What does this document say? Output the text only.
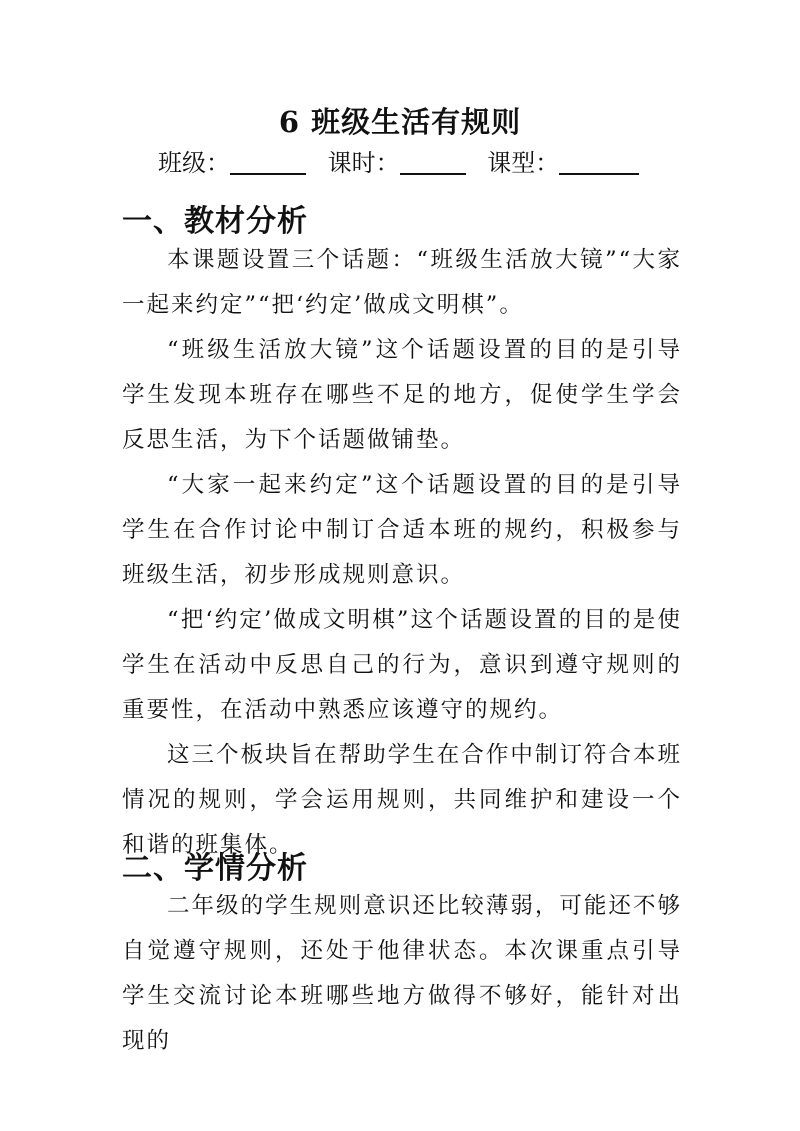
6 班级生活有规则
班级：	课时：	课型：
一、教材分析

本课题设置三个话题：“班级生活放大镜”“大家一起来约定”“把‘约定’做成文明棋”。

“班级生活放大镜”这个话题设置的目的是引导学生发现本班存在哪些不足的地方，促使学生学会反思生活，为下个话题做铺垫。

“大家一起来约定”这个话题设置的目的是引导学生在合作讨论中制订合适本班的规约，积极参与班级生活，初步形成规则意识。

“把‘约定’做成文明棋”这个话题设置的目的是使学生在活动中反思自己的行为，意识到遵守规则的重要性，在活动中熟悉应该遵守的规约。

这三个板块旨在帮助学生在合作中制订符合本班情况的规则，学会运用规则，共同维护和建设一个和谐的班集体。

二、学情分析

二年级的学生规则意识还比较薄弱，可能还不够自觉遵守规则，还处于他律状态。本次课重点引导学生交流讨论本班哪些地方做得不够好，能针对出现的
